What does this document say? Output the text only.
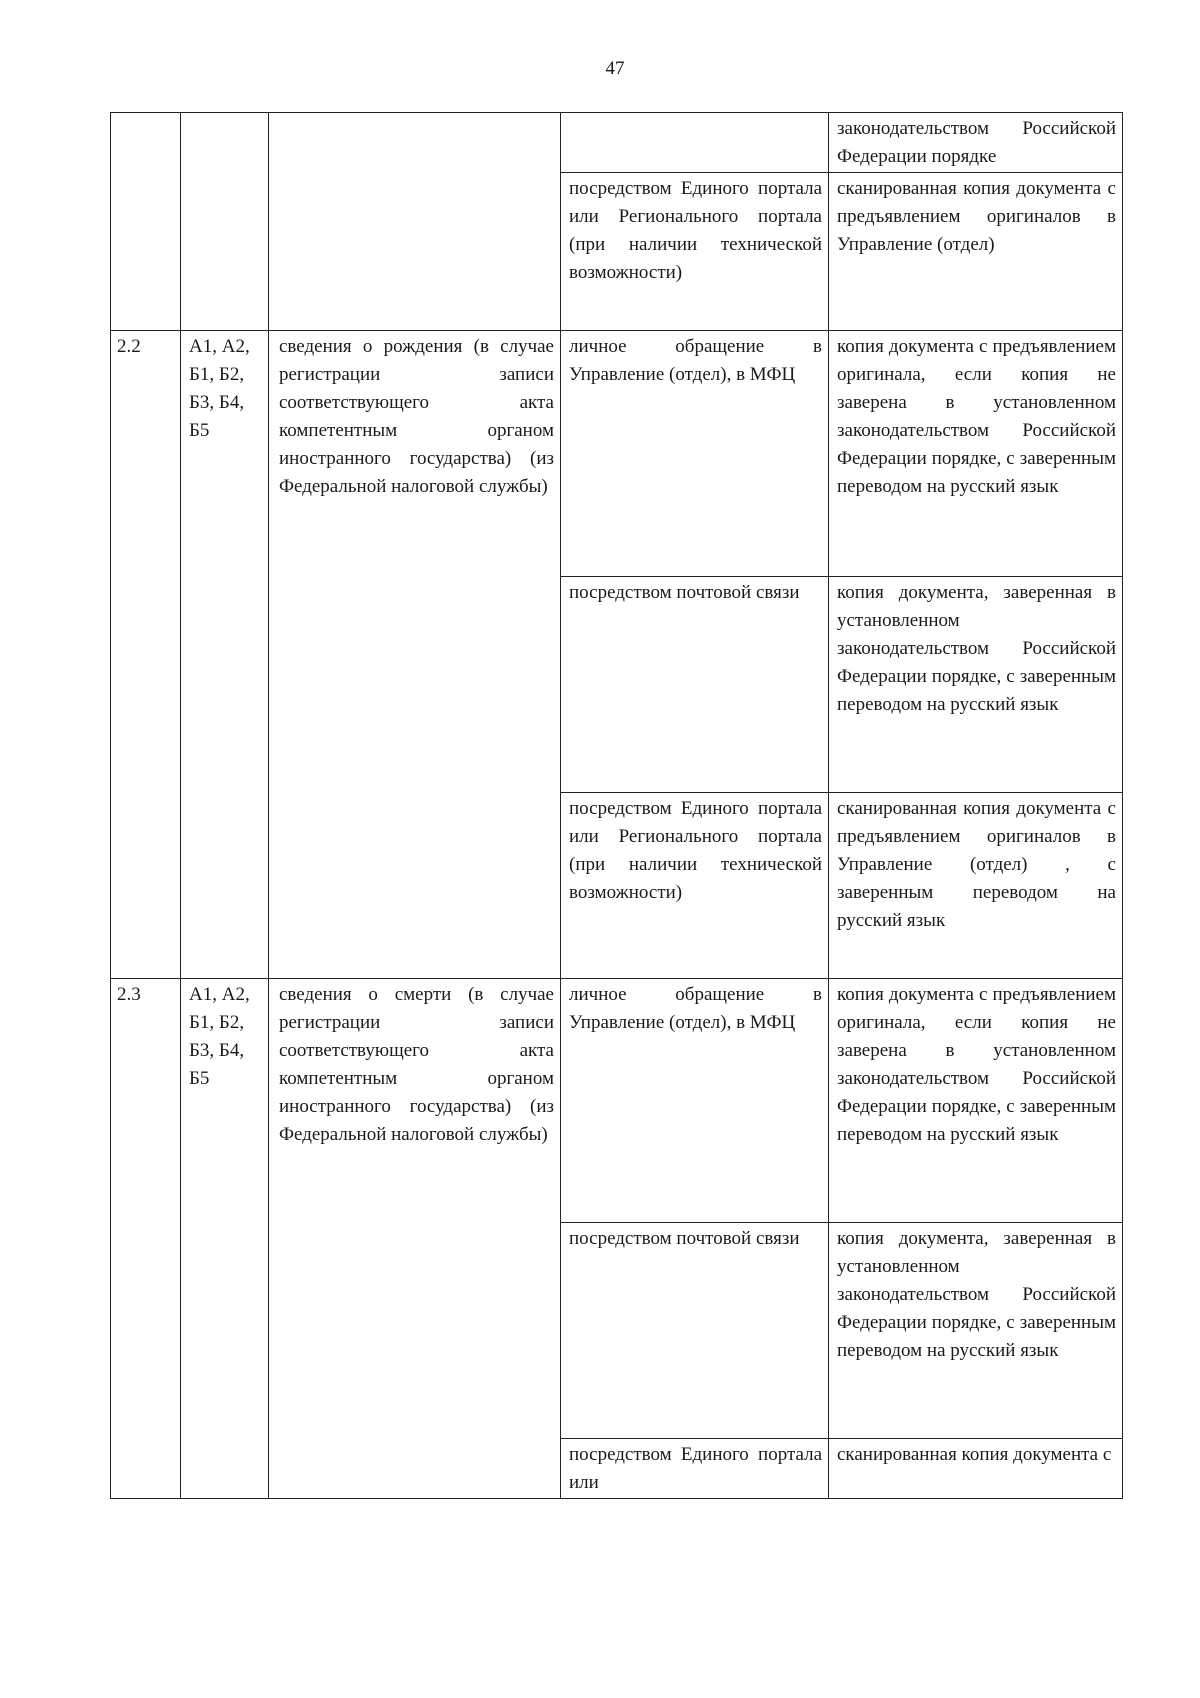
47
				законодательством Российской Федерации порядке
			посредством Единого портала или Регионального портала (при наличии технической возможности)	сканированная копия документа с предъявлением оригиналов в Управление (отдел)
2.2	А1, А2, Б1, Б2, Б3, Б4, Б5	сведения о рождения (в случае регистрации записи соответствующего акта компетентным органом иностранного государства) (из Федеральной налоговой службы)	личное обращение в Управление (отдел), в МФЦ	копия документа с предъявлением оригинала, если копия не заверена в установленном законодательством Российской Федерации порядке, с заверенным переводом на русский язык
			посредством почтовой связи	копия документа, заверенная в установленном законодательством Российской Федерации порядке, с заверенным переводом на русский язык
			посредством Единого портала или Регионального портала (при наличии технической возможности)	сканированная копия документа с предъявлением оригиналов в Управление (отдел) , с заверенным переводом на русский язык
2.3	А1, А2, Б1, Б2, Б3, Б4, Б5	сведения о смерти (в случае регистрации записи соответствующего акта компетентным органом иностранного государства) (из Федеральной налоговой службы)	личное обращение в Управление (отдел), в МФЦ	копия документа с предъявлением оригинала, если копия не заверена в установленном законодательством Российской Федерации порядке, с заверенным переводом на русский язык
			посредством почтовой связи	копия документа, заверенная в установленном законодательством Российской Федерации порядке, с заверенным переводом на русский язык
			посредством Единого портала или	сканированная копия документа с
